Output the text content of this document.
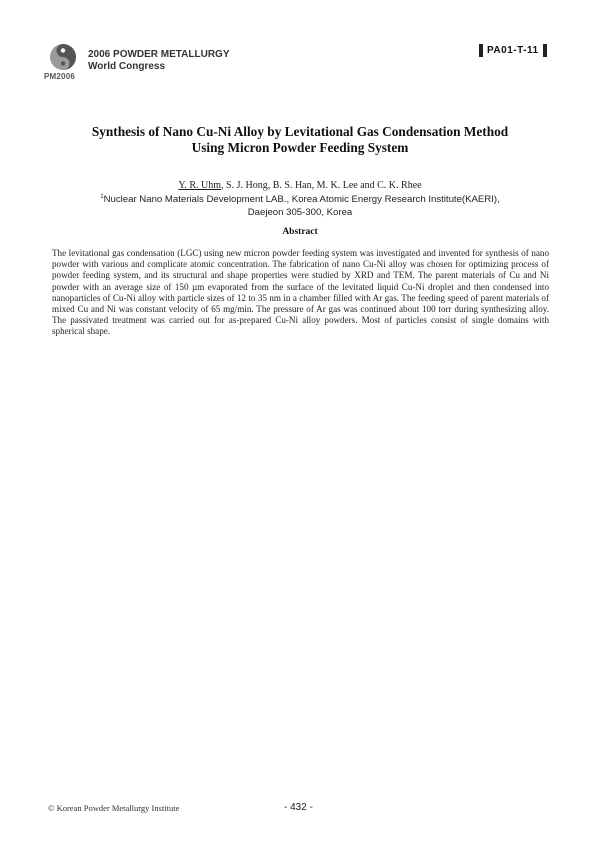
PM2006
2006 POWDER METALLURGY
World Congress
PA01-T-11
Synthesis of Nano Cu-Ni Alloy by Levitational Gas Condensation Method
Using Micron Powder Feeding System
Y. R. Uhm, S. J. Hong, B. S. Han, M. K. Lee and C. K. Rhee
$^1$Nuclear Nano Materials Development LAB., Korea Atomic Energy Research Institute(KAERI),
Daejeon 305-300, Korea
Abstract
The levitational gas condensation (LGC) using new micron powder feeding system was investigated and invented for synthesis of nano powder with various and complicate atomic concentration. The fabrication of nano Cu-Ni alloy was chosen for optimizing process of powder feeding system, and its structural and shape properties were studied by XRD and TEM. The parent materials of Cu and Ni powder with an average size of 150 µm evaporated from the surface of the levitated liquid Cu-Ni droplet and then condensed into nanoparticles of Cu-Ni alloy with particle sizes of 12 to 35 nm in a chamber filled with Ar gas. The feeding speed of parent materials of mixed Cu and Ni was constant velocity of 65 mg/min. The pressure of Ar gas was continued about 100 torr during synthesizing alloy. The passivated treatment was carried out for as-prepared Cu-Ni alloy powders. Most of particles consist of single domains with spherical shape.
© Korean Powder Metallurgy Institute	- 432 -
